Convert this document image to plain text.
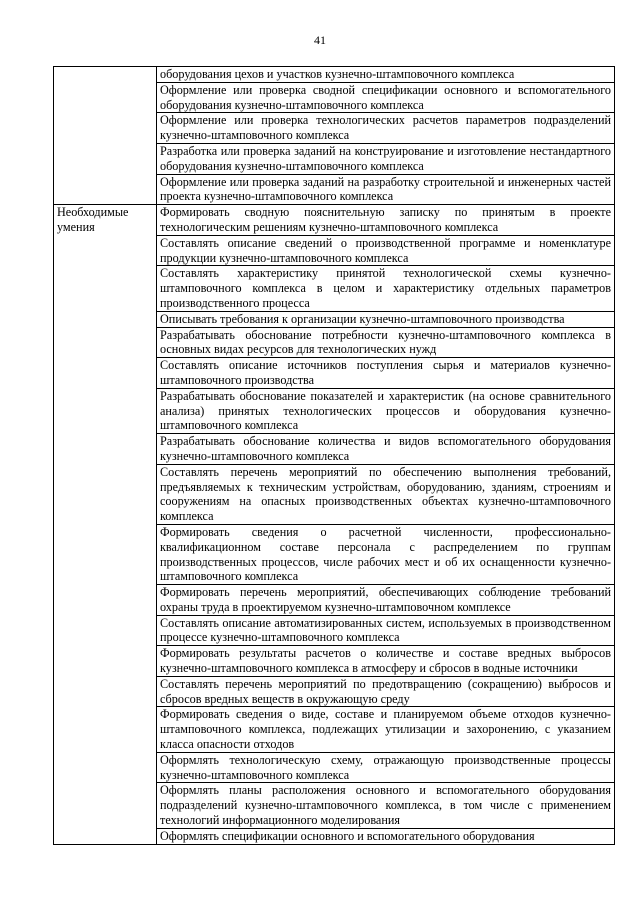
41

	оборудования цехов и участков кузнечно-штамповочного комплекса

	Оформление или проверка сводной спецификации основного и вспомогательного оборудования кузнечно-штамповочного комплекса

	Оформление или проверка технологических расчетов параметров подразделений кузнечно-штамповочного комплекса

	Разработка или проверка заданий на конструирование и изготовление нестандартного оборудования кузнечно-штамповочного комплекса

	Оформление или проверка заданий на разработку строительной и инженерных частей проекта кузнечно-штамповочного комплекса

Необходимые умения	Формировать сводную пояснительную записку по принятым в проекте технологическим решениям кузнечно-штамповочного комплекса

	Составлять описание сведений о производственной программе и номенклатуре продукции кузнечно-штамповочного комплекса

	Составлять характеристику принятой технологической схемы кузнечно-штамповочного комплекса в целом и характеристику отдельных параметров производственного процесса

	Описывать требования к организации кузнечно-штамповочного производства

	Разрабатывать обоснование потребности кузнечно-штамповочного комплекса в основных видах ресурсов для технологических нужд

	Составлять описание источников поступления сырья и материалов кузнечно-штамповочного производства

	Разрабатывать обоснование показателей и характеристик (на основе сравнительного анализа) принятых технологических процессов и оборудования кузнечно-штамповочного комплекса

	Разрабатывать обоснование количества и видов вспомогательного оборудования кузнечно-штамповочного комплекса

	Составлять перечень мероприятий по обеспечению выполнения требований, предъявляемых к техническим устройствам, оборудованию, зданиям, строениям и сооружениям на опасных производственных объектах кузнечно-штамповочного комплекса

	Формировать сведения о расчетной численности, профессионально-квалификационном составе персонала с распределением по группам производственных процессов, числе рабочих мест и об их оснащенности кузнечно-штамповочного комплекса

	Формировать перечень мероприятий, обеспечивающих соблюдение требований охраны труда в проектируемом кузнечно-штамповочном комплексе

	Составлять описание автоматизированных систем, используемых в производственном процессе кузнечно-штамповочного комплекса

	Формировать результаты расчетов о количестве и составе вредных выбросов кузнечно-штамповочного комплекса в атмосферу и сбросов в водные источники

	Составлять перечень мероприятий по предотвращению (сокращению) выбросов и сбросов вредных веществ в окружающую среду

	Формировать сведения о виде, составе и планируемом объеме отходов кузнечно-штамповочного комплекса, подлежащих утилизации и захоронению, с указанием класса опасности отходов

	Оформлять технологическую схему, отражающую производственные процессы кузнечно-штамповочного комплекса

	Оформлять планы расположения основного и вспомогательного оборудования подразделений кузнечно-штамповочного комплекса, в том числе с применением технологий информационного моделирования

	Оформлять спецификации основного и вспомогательного оборудования
